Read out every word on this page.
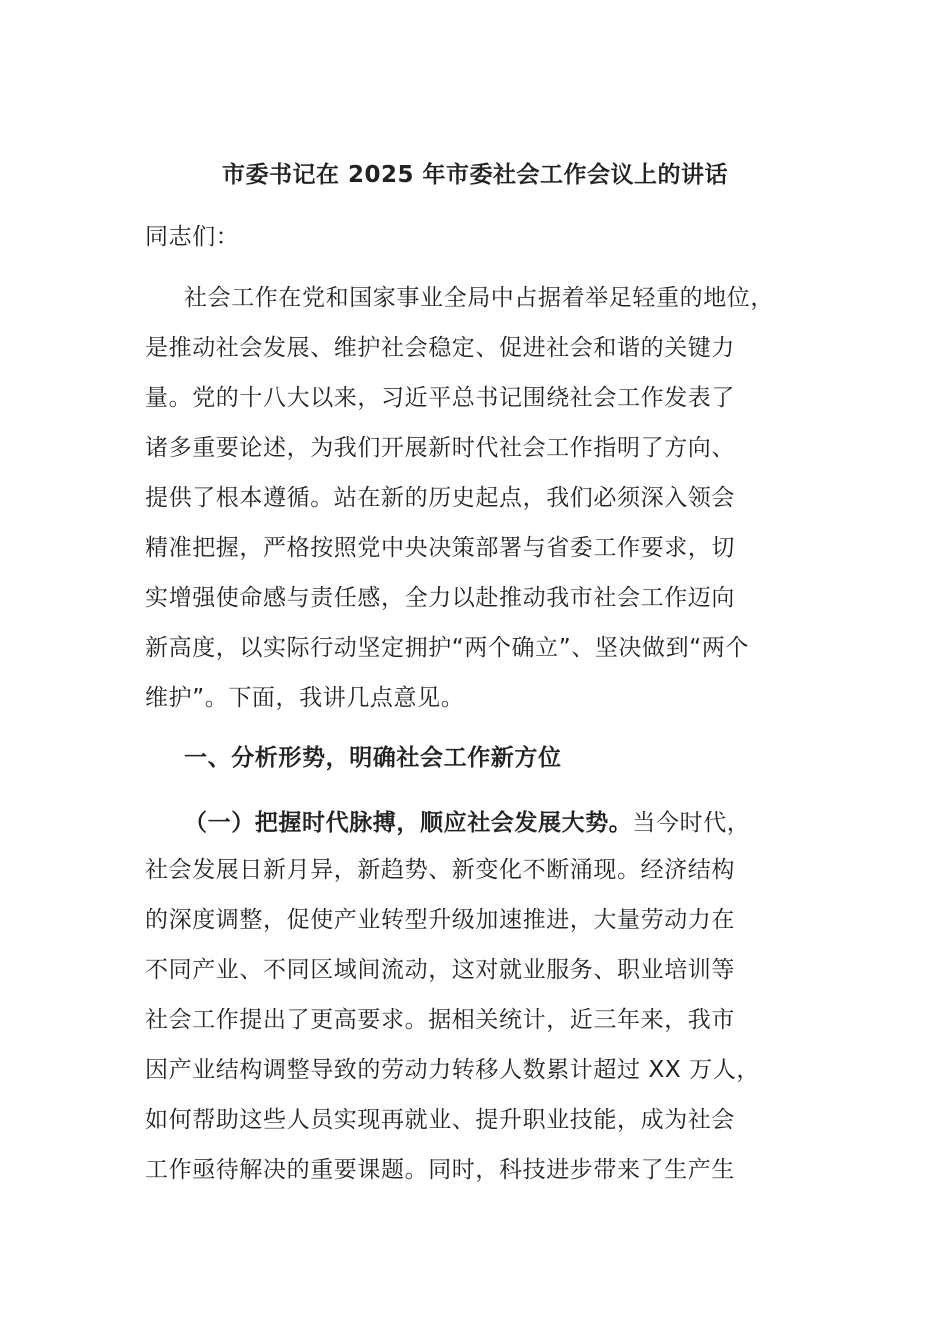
市委书记在 2025 年市委社会工作会议上的讲话
同志们：
社会工作在党和国家事业全局中占据着举足轻重的地位，
是推动社会发展、维护社会稳定、促进社会和谐的关键力
量。党的十八大以来，习近平总书记围绕社会工作发表了
诸多重要论述，为我们开展新时代社会工作指明了方向、
提供了根本遵循。站在新的历史起点，我们必须深入领会
精准把握，严格按照党中央决策部署与省委工作要求，切
实增强使命感与责任感，全力以赴推动我市社会工作迈向
新高度，以实际行动坚定拥护“两个确立”、坚决做到“两个
维护”。下面，我讲几点意见。
一、分析形势，明确社会工作新方位
（一）把握时代脉搏，顺应社会发展大势。当今时代，
社会发展日新月异，新趋势、新变化不断涌现。经济结构
的深度调整，促使产业转型升级加速推进，大量劳动力在
不同产业、不同区域间流动，这对就业服务、职业培训等
社会工作提出了更高要求。据相关统计，近三年来，我市
因产业结构调整导致的劳动力转移人数累计超过 XX 万人，
如何帮助这些人员实现再就业、提升职业技能，成为社会
工作亟待解决的重要课题。同时，科技进步带来了生产生
